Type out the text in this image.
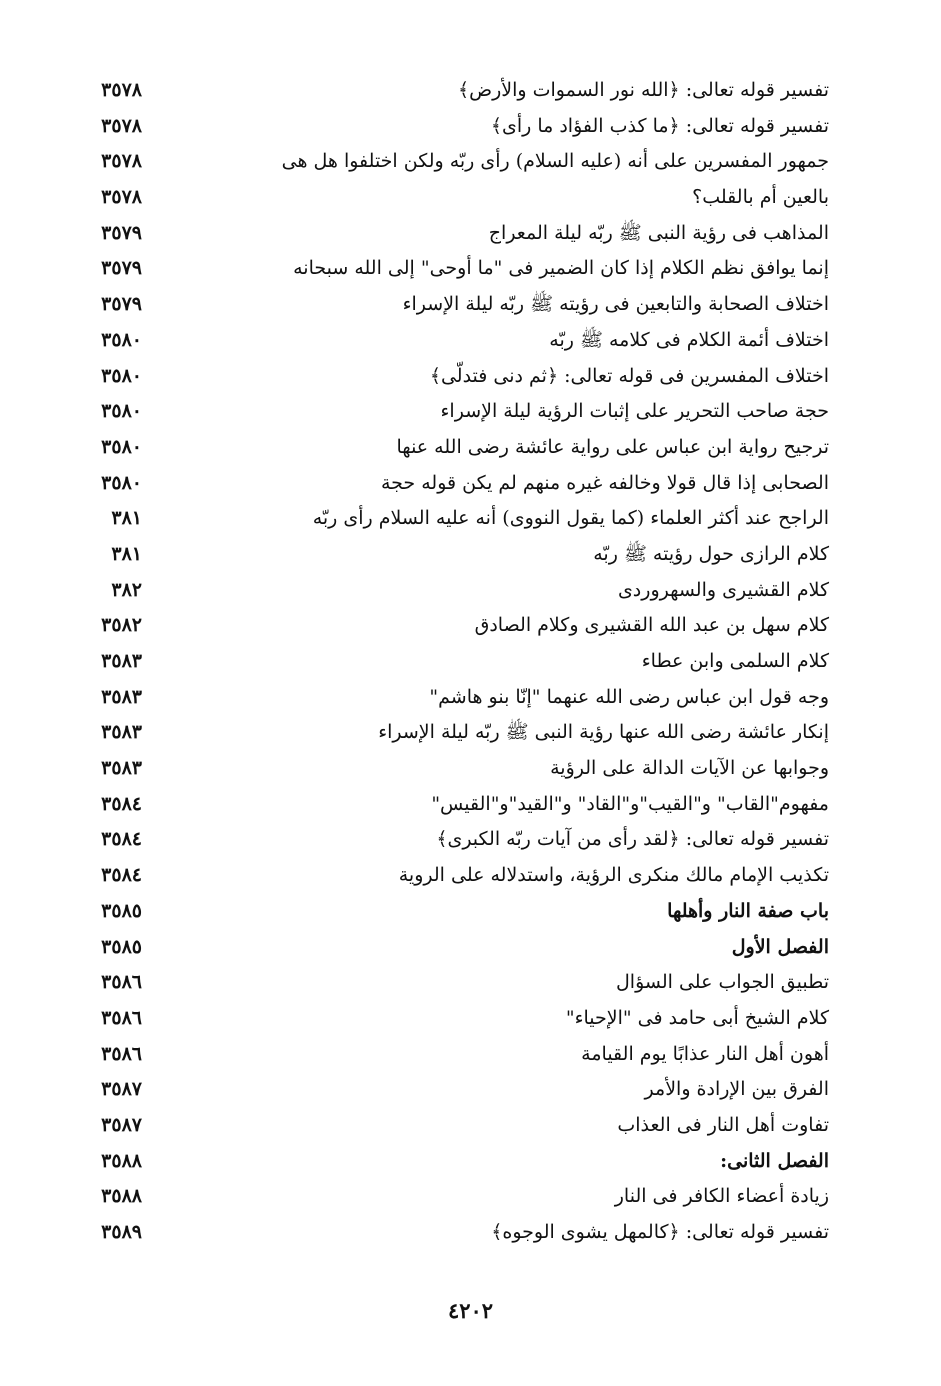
تفسير قوله تعالى: ﴿الله نور السموات والأرض﴾
٣٥٧٨
تفسير قوله تعالى: ﴿ما كذب الفؤاد ما رأى﴾
٣٥٧٨
جمهور المفسرين على أنه (عليه السلام) رأى ربّه ولكن اختلفوا هل هى
٣٥٧٨
بالعين أم بالقلب؟
٣٥٧٨
المذاهب فى رؤية النبى ﷺ ربّه ليلة المعراج
٣٥٧٩
إنما يوافق نظم الكلام إذا كان الضمير فى "ما أوحى" إلى الله سبحانه
٣٥٧٩
اختلاف الصحابة والتابعين فى رؤيته ﷺ ربّه ليلة الإسراء
٣٥٧٩
اختلاف أئمة الكلام فى كلامه ﷺ ربّه
٣٥٨٠
اختلاف المفسرين فى قوله تعالى: ﴿ثم دنى فتدلّى﴾
٣٥٨٠
حجة صاحب التحرير على إثبات الرؤية ليلة الإسراء
٣٥٨٠
ترجيح رواية ابن عباس على رواية عائشة رضى الله عنها
٣٥٨٠
الصحابى إذا قال قولا وخالفه غيره منهم لم يكن قوله حجة
٣٥٨٠
الراجح عند أكثر العلماء (كما يقول النووى) أنه عليه السلام رأى ربّه
٣٨١
كلام الرازى حول رؤيته ﷺ ربّه
٣٨١
كلام القشيرى والسهروردى
٣٨٢
كلام سهل بن عبد الله القشيرى وكلام الصادق
٣٥٨٢
كلام السلمى وابن عطاء
٣٥٨٣
وجه قول ابن عباس رضى الله عنهما "إنّا بنو هاشم"
٣٥٨٣
إنكار عائشة رضى الله عنها رؤية النبى ﷺ ربّه ليلة الإسراء
٣٥٨٣
وجوابها عن الآيات الدالة على الرؤية
٣٥٨٣
مفهوم"القاب" و"القيب"و"القاد" و"القيد"و"القيس"
٣٥٨٤
تفسير قوله تعالى: ﴿لقد رأى من آيات ربّه الكبرى﴾
٣٥٨٤
تكذيب الإمام مالك منكرى الرؤية، واستدلاله على الروية
٣٥٨٤
باب صفة النار وأهلها
٣٥٨٥
الفصل الأول
٣٥٨٥
تطبيق الجواب على السؤال
٣٥٨٦
كلام الشيخ أبى حامد فى "الإحياء"
٣٥٨٦
أهون أهل النار عذابًا يوم القيامة
٣٥٨٦
الفرق بين الإرادة والأمر
٣٥٨٧
تفاوت أهل النار فى العذاب
٣٥٨٧
الفصل الثانى:
٣٥٨٨
زيادة أعضاء الكافر فى النار
٣٥٨٨
تفسير قوله تعالى: ﴿كالمهل يشوى الوجوه﴾
٣٥٨٩
٤٢٠٢
